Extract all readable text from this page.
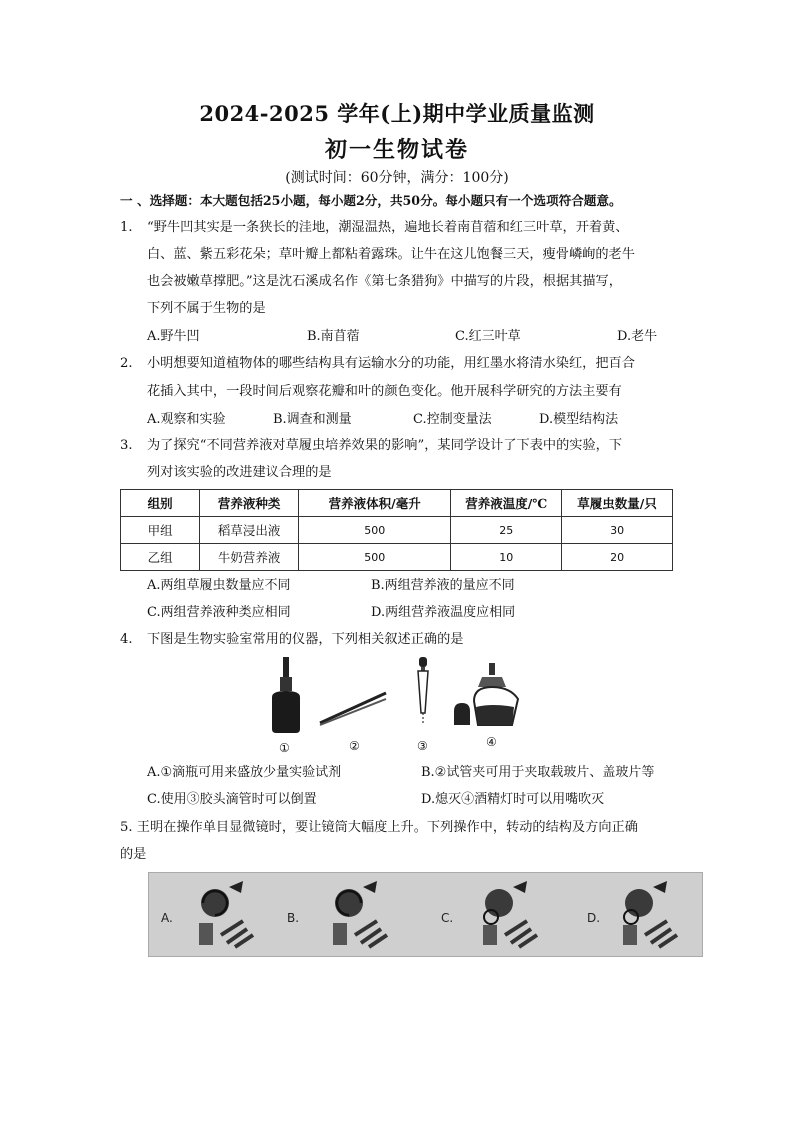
2024-2025 学年(上)期中学业质量监测
初一生物试卷
(测试时间：60分钟，满分：100分)
一 、选择题：本大题包括25小题，每小题2分，共50分。每小题只有一个选项符合题意。
1. “野牛凹其实是一条狭长的洼地，潮湿温热，遍地长着南苜蓿和红三叶草，开着黄、
白、蓝、紫五彩花朵；草叶瓣上都粘着露珠。让牛在这儿饱餐三天，瘦骨嶙峋的老牛
也会被嫩草撑肥。”这是沈石溪成名作《第七条猎狗》中描写的片段，根据其描写，
下列不属于生物的是
A.野牛凹	B.南苜蓿	C.红三叶草	D.老牛
2. 小明想要知道植物体的哪些结构具有运输水分的功能，用红墨水将清水染红，把百合
花插入其中，一段时间后观察花瓣和叶的颜色变化。他开展科学研究的方法主要有
A.观察和实验	B.调查和测量	C.控制变量法	D.模型结构法
3. 为了探究“不同营养液对草履虫培养效果的影响”，某同学设计了下表中的实验，下
列对该实验的改进建议合理的是
组别	营养液种类	营养液体积/毫升	营养液温度/℃	草履虫数量/只
甲组	稻草浸出液	500	25	30
乙组	牛奶营养液	500	10	20
A.两组草履虫数量应不同	B.两组营养液的量应不同
C.两组营养液种类应相同	D.两组营养液温度应相同
4. 下图是生物实验室常用的仪器，下列相关叙述正确的是
①	②	③	④
A.①滴瓶可用来盛放少量实验试剂	B.②试管夹可用于夹取载玻片、盖玻片等
C.使用③胶头滴管时可以倒置	D.熄灭④酒精灯时可以用嘴吹灭
5. 王明在操作单目显微镜时，要让镜筒大幅度上升。下列操作中，转动的结构及方向正确
的是
A.	B.	C.	D.
